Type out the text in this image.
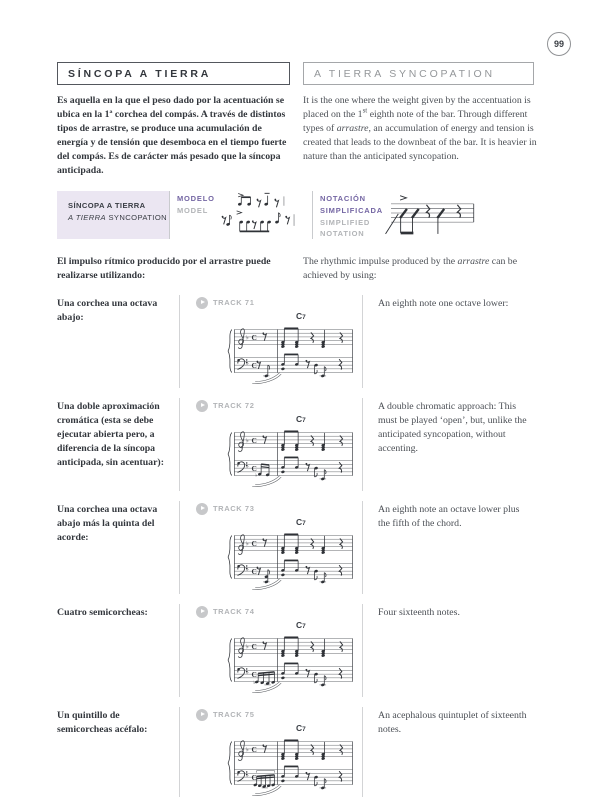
99
SÍNCOPA A TIERRA	A TIERRA SYNCOPATION
Es aquella en la que el peso dado por la acentuación se ubica en la 1ª corchea del compás. A través de distintos tipos de arrastre, se produce una acumulación de energía y de tensión que desemboca en el tiempo fuerte del compás. Es de carácter más pesado que la síncopa anticipada.
It is the one where the weight given by the accentuation is placed on the 1st eighth note of the bar. Through different types of arrastre, an accumulation of energy and tension is created that leads to the downbeat of the bar. It is heavier in nature than the anticipated syncopation.
SÍNCOPA A TIERRA
A TIERRA SYNCOPATION
MODELO
MODEL
NOTACIÓN
SIMPLIFICADA
SIMPLIFIED
NOTATION
El impulso rítmico producido por el arrastre puede realizarse utilizando:
The rhythmic impulse produced by the arrastre can be achieved by using:
Una corchea una octava abajo:
TRACK 71
C7
An eighth note one octave lower:
Una doble aproximación cromática (esta se debe ejecutar abierta pero, a diferencia de la síncopa anticipada, sin acentuar):
TRACK 72
C7
A double chromatic approach: This must be played ‘open’, but, unlike the anticipated syncopation, without accenting.
Una corchea una octava abajo más la quinta del acorde:
TRACK 73
C7
An eighth note an octave lower plus the fifth of the chord.
Cuatro semicorcheas:	TRACK 74
C7
Four sixteenth notes.
Un quintillo de semicorcheas acéfalo:
TRACK 75
C7
An acephalous quintuplet of sixteenth notes.
